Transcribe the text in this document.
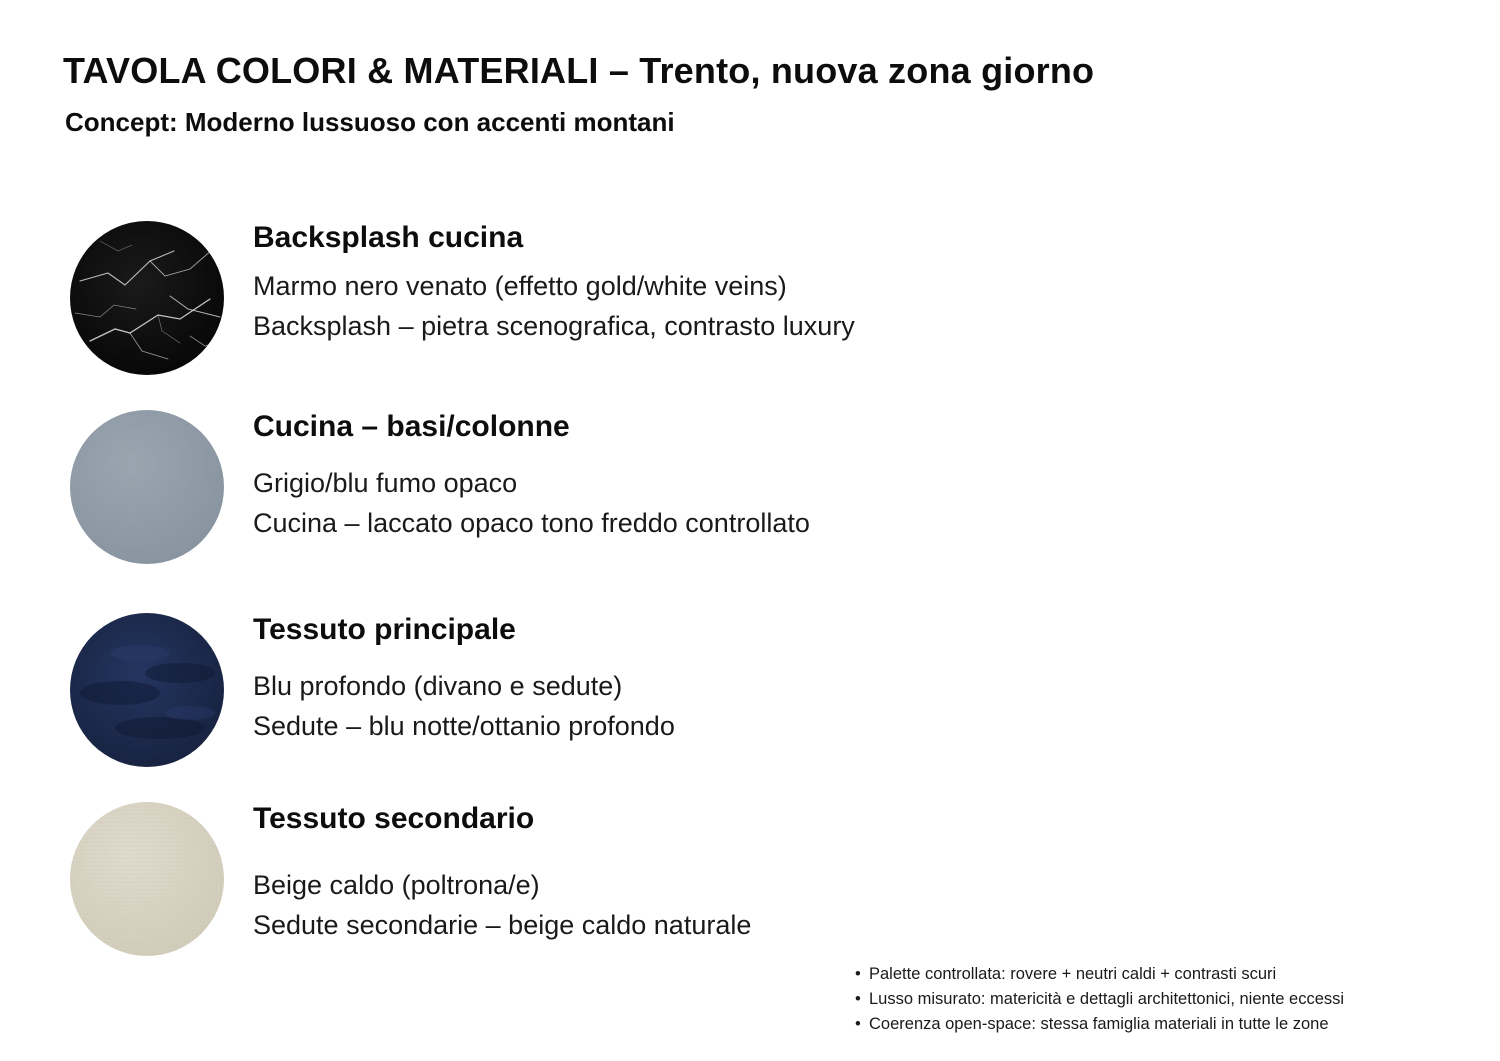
TAVOLA COLORI & MATERIALI – Trento, nuova zona giorno
Concept: Moderno lussuoso con accenti montani
Backsplash cucina
Marmo nero venato (effetto gold/white veins)
Backsplash – pietra scenografica, contrasto luxury
Cucina – basi/colonne
Grigio/blu fumo opaco
Cucina – laccato opaco tono freddo controllato
Tessuto principale
Blu profondo (divano e sedute)
Sedute – blu notte/ottanio profondo
Tessuto secondario
Beige caldo (poltrona/e)
Sedute secondarie – beige caldo naturale
• Palette controllata: rovere + neutri caldi + contrasti scuri
• Lusso misurato: matericità e dettagli architettonici, niente eccessi
• Coerenza open-space: stessa famiglia materiali in tutte le zone
